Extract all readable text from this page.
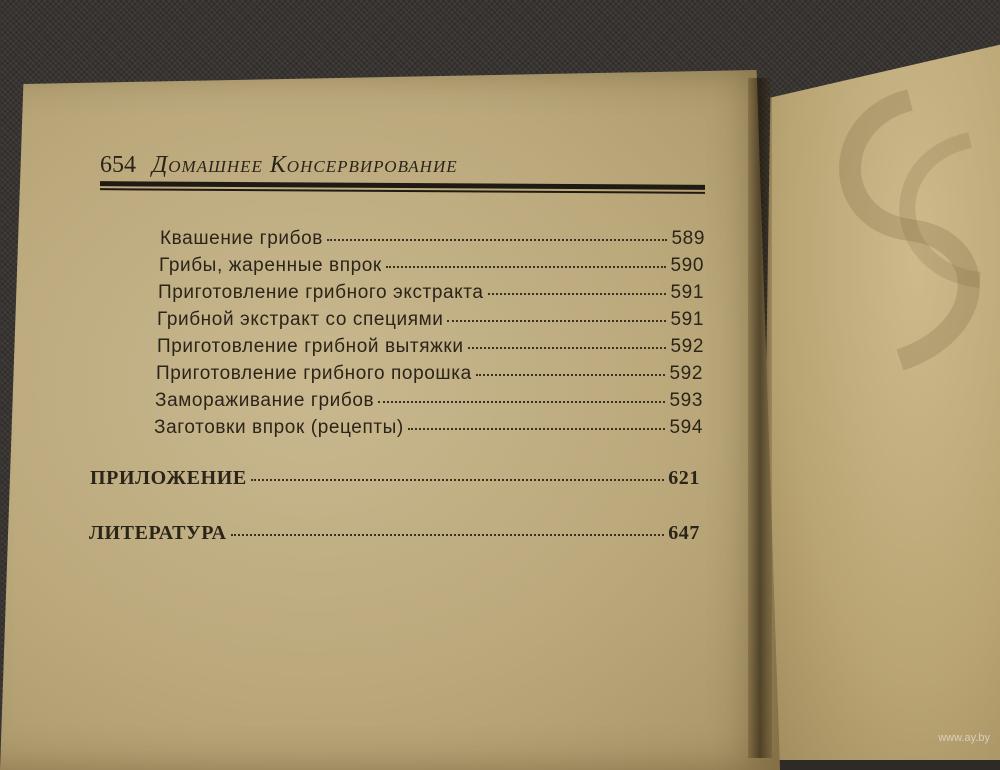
654 Домашнее Консервирование
Квашение грибов	589
Грибы, жаренные впрок	590
Приготовление грибного экстракта	591
Грибной экстракт со специями	591
Приготовление грибной вытяжки	592
Приготовление грибного порошка	592
Замораживание грибов	593
Заготовки впрок (рецепты)	594
ПРИЛОЖЕНИЕ	621
ЛИТЕРАТУРА	647
www.ay.by
